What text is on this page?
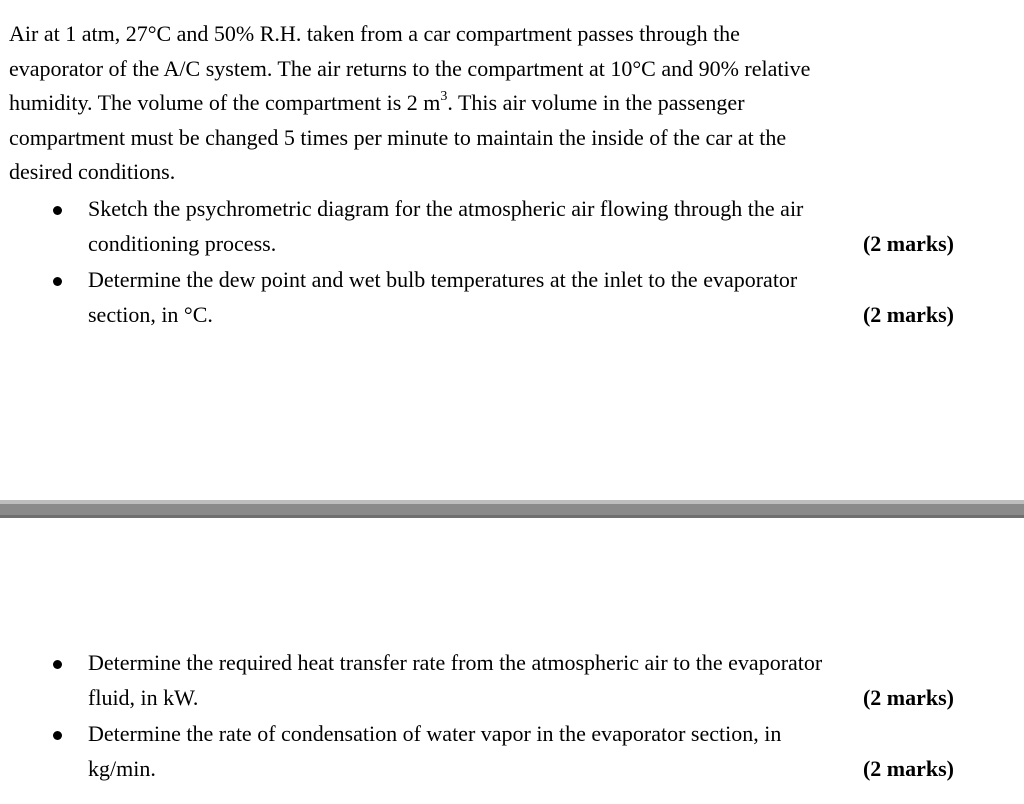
Air at 1 atm, 27°C and 50% R.H. taken from a car compartment passes through the
evaporator of the A/C system. The air returns to the compartment at 10°C and 90% relative
humidity. The volume of the compartment is 2 $m^3$. This air volume in the passenger
compartment must be changed 5 times per minute to maintain the inside of the car at the
desired conditions.
Sketch the psychrometric diagram for the atmospheric air flowing through the air
conditioning process.	(2 marks)
Determine the dew point and wet bulb temperatures at the inlet to the evaporator
section, in °C.	(2 marks)
Determine the required heat transfer rate from the atmospheric air to the evaporator
fluid, in kW.	(2 marks)
Determine the rate of condensation of water vapor in the evaporator section, in
kg/min.	(2 marks)
